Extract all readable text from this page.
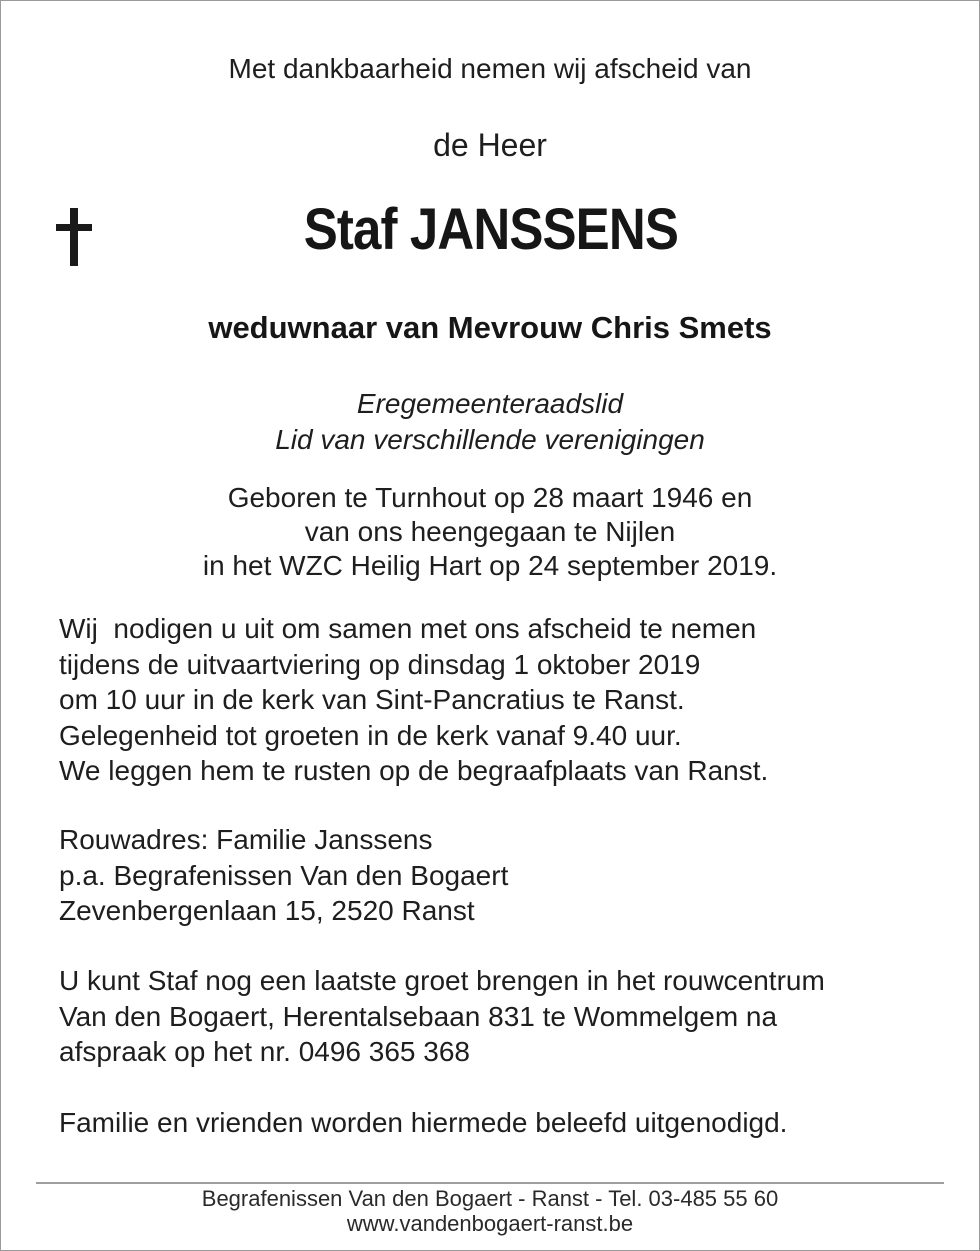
Met dankbaarheid nemen wij afscheid van
de Heer
Staf JANSSENS
weduwnaar van Mevrouw Chris Smets
Eregemeenteraadslid
Lid van verschillende verenigingen
Geboren te Turnhout op 28 maart 1946 en
van ons heengegaan te Nijlen
in het WZC Heilig Hart op 24 september 2019.
Wij  nodigen u uit om samen met ons afscheid te nemen
tijdens de uitvaartviering op dinsdag 1 oktober 2019
om 10 uur in de kerk van Sint-Pancratius te Ranst.
Gelegenheid tot groeten in de kerk vanaf 9.40 uur.
We leggen hem te rusten op de begraafplaats van Ranst.
Rouwadres: Familie Janssens
p.a. Begrafenissen Van den Bogaert
Zevenbergenlaan 15, 2520 Ranst
U kunt Staf nog een laatste groet brengen in het rouwcentrum
Van den Bogaert, Herentalsebaan 831 te Wommelgem na
afspraak op het nr. 0496 365 368
Familie en vrienden worden hiermede beleefd uitgenodigd.
Begrafenissen Van den Bogaert - Ranst - Tel. 03-485 55 60
www.vandenbogaert-ranst.be
